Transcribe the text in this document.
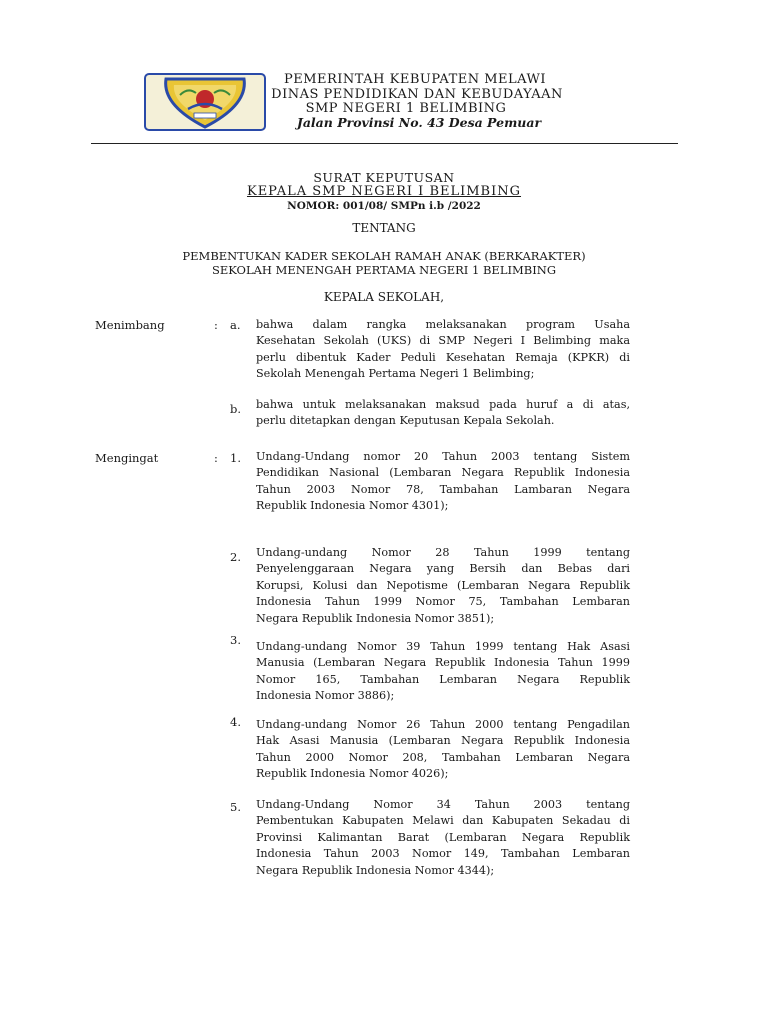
PEMERINTAH KEBUPATEN MELAWI
DINAS PENDIDIKAN DAN KEBUDAYAAN
SMP NEGERI 1 BELIMBING
Jalan Provinsi No. 43 Desa Pemuar
SURAT KEPUTUSAN
KEPALA SMP NEGERI I BELIMBING
NOMOR: 001/08/ SMPn i.b /2022
TENTANG
PEMBENTUKAN KADER SEKOLAH RAMAH ANAK (BERKARAKTER)
SEKOLAH MENENGAH PERTAMA NEGERI 1 BELIMBING
KEPALA SEKOLAH,
Menimbang	: a. bahwa dalam rangka melaksanakan program Usaha
Kesehatan Sekolah (UKS) di SMP Negeri I Belimbing maka
perlu dibentuk Kader Peduli Kesehatan Remaja (KPKR) di
Sekolah Menengah Pertama Negeri 1 Belimbing;
b. bahwa untuk melaksanakan maksud pada huruf a di atas,
perlu ditetapkan dengan Keputusan Kepala Sekolah.
Mengingat	: 1. Undang-Undang nomor 20 Tahun 2003 tentang Sistem
Pendidikan Nasional (Lembaran Negara Republik Indonesia
Tahun 2003 Nomor 78, Tambahan Lambaran Negara
Republik Indonesia Nomor 4301);
2. Undang-undang Nomor 28 Tahun 1999 tentang
Penyelenggaraan Negara yang Bersih dan Bebas dari
Korupsi, Kolusi dan Nepotisme (Lembaran Negara Republik
Indonesia Tahun 1999 Nomor 75, Tambahan Lembaran
Negara Republik Indonesia Nomor 3851);
3. Undang-undang Nomor 39 Tahun 1999 tentang Hak Asasi
Manusia (Lembaran Negara Republik Indonesia Tahun 1999
Nomor 165, Tambahan Lembaran Negara Republik
Indonesia Nomor 3886);
4. Undang-undang Nomor 26 Tahun 2000 tentang Pengadilan
Hak Asasi Manusia (Lembaran Negara Republik Indonesia
Tahun 2000 Nomor 208, Tambahan Lembaran Negara
Republik Indonesia Nomor 4026);
5. Undang-Undang Nomor 34 Tahun 2003 tentang
Pembentukan Kabupaten Melawi dan Kabupaten Sekadau di
Provinsi Kalimantan Barat (Lembaran Negara Republik
Indonesia Tahun 2003 Nomor 149, Tambahan Lembaran
Negara Republik Indonesia Nomor 4344);
